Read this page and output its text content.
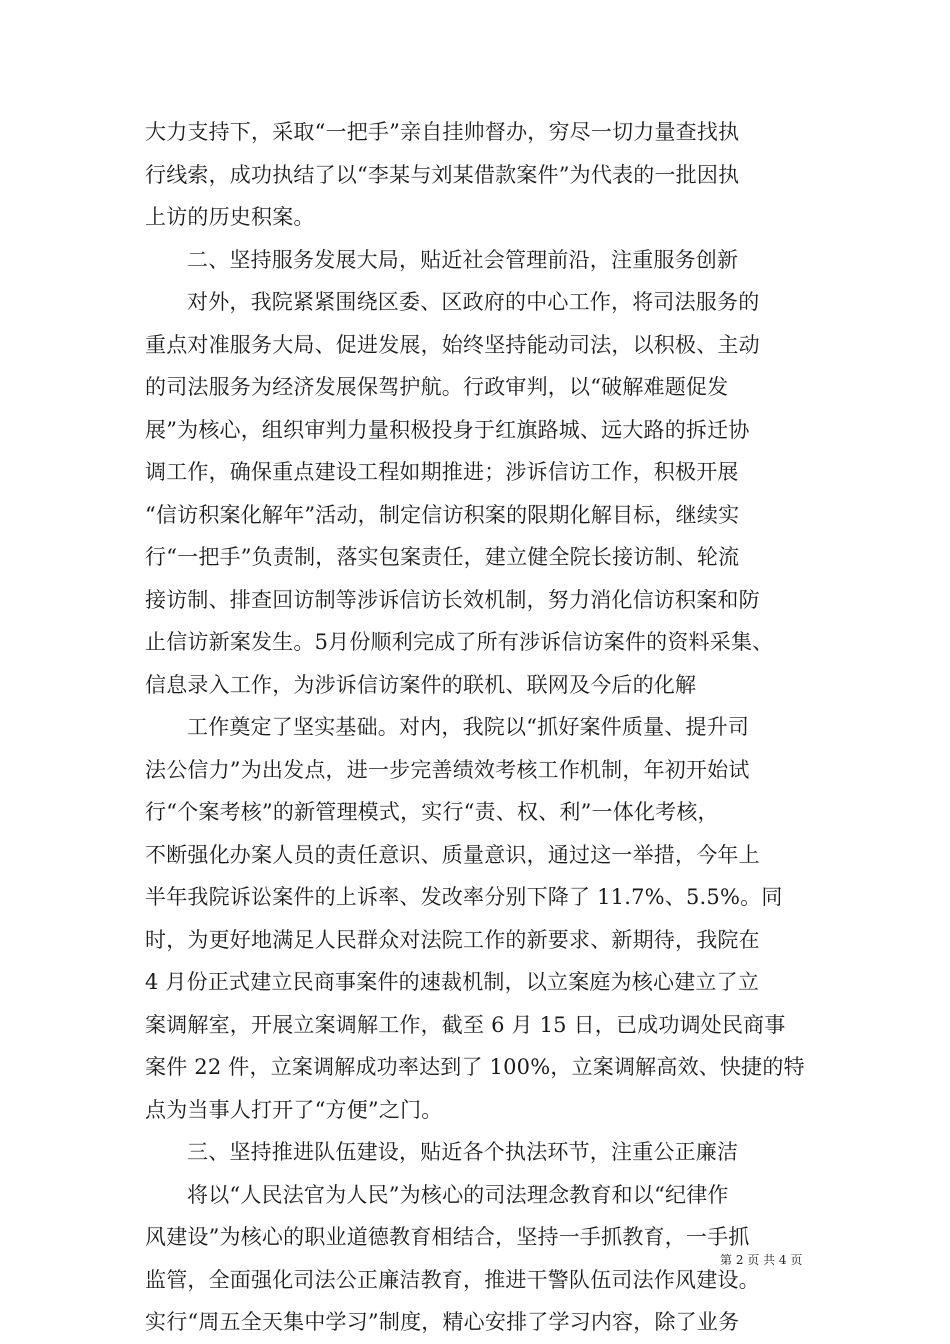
大力支持下，采取“一把手”亲自挂帅督办，穷尽一切力量查找执
行线索，成功执结了以“李某与刘某借款案件”为代表的一批因执
上访的历史积案。
二、坚持服务发展大局，贴近社会管理前沿，注重服务创新
对外，我院紧紧围绕区委、区政府的中心工作，将司法服务的
重点对准服务大局、促进发展，始终坚持能动司法，以积极、主动
的司法服务为经济发展保驾护航。行政审判，以“破解难题促发
展”为核心，组织审判力量积极投身于红旗路城、远大路的拆迁协
调工作，确保重点建设工程如期推进；涉诉信访工作，积极开展
“信访积案化解年”活动，制定信访积案的限期化解目标，继续实
行“一把手”负责制，落实包案责任，建立健全院长接访制、轮流
接访制、排查回访制等涉诉信访长效机制，努力消化信访积案和防
止信访新案发生。5月份顺利完成了所有涉诉信访案件的资料采集、
信息录入工作，为涉诉信访案件的联机、联网及今后的化解
工作奠定了坚实基础。对内，我院以“抓好案件质量、提升司
法公信力”为出发点，进一步完善绩效考核工作机制，年初开始试
行“个案考核”的新管理模式，实行“责、权、利”一体化考核，
不断强化办案人员的责任意识、质量意识，通过这一举措，今年上
半年我院诉讼案件的上诉率、发改率分别下降了 11.7%、5.5%。同
时，为更好地满足人民群众对法院工作的新要求、新期待，我院在
4 月份正式建立民商事案件的速裁机制，以立案庭为核心建立了立
案调解室，开展立案调解工作，截至 6 月 15 日，已成功调处民商事
案件 22 件，立案调解成功率达到了 100%，立案调解高效、快捷的特
点为当事人打开了“方便”之门。
三、坚持推进队伍建设，贴近各个执法环节，注重公正廉洁
将以“人民法官为人民”为核心的司法理念教育和以“纪律作
风建设”为核心的职业道德教育相结合，坚持一手抓教育，一手抓
监管，全面强化司法公正廉洁教育，推进干警队伍司法作风建设。
实行“周五全天集中学习”制度，精心安排了学习内容，除了业务
第 2 页 共 4 页
